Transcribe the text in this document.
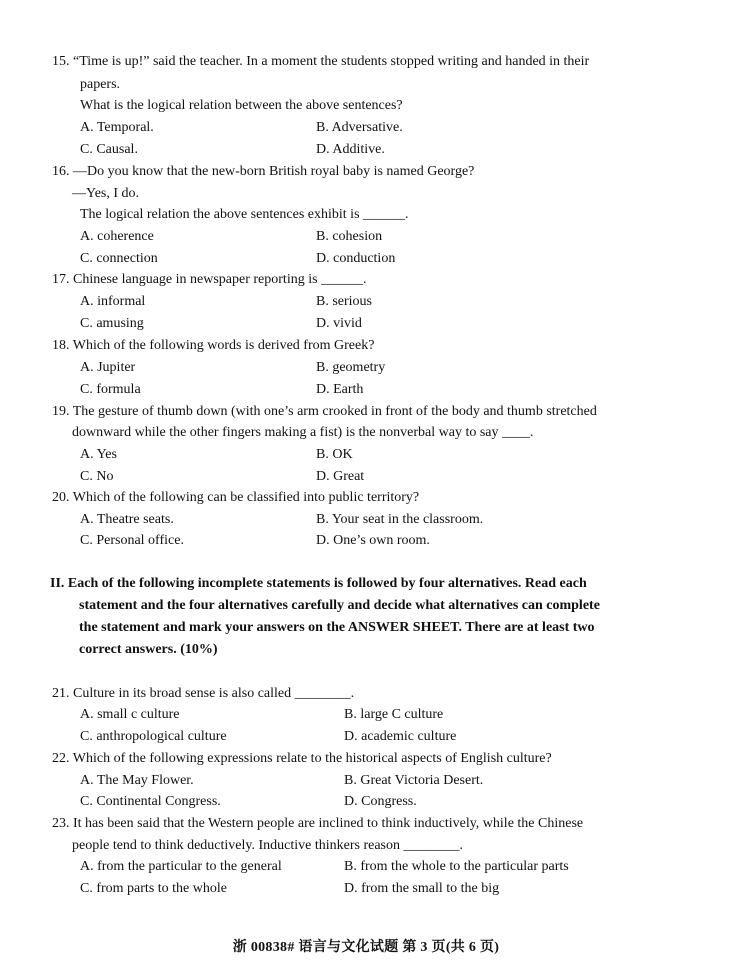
15. “Time is up!” said the teacher. In a moment the students stopped writing and handed in their
papers.
What is the logical relation between the above sentences?
A. Temporal.	B. Adversative.
C. Causal.	D. Additive.
16. —Do you know that the new-born British royal baby is named George?
—Yes, I do.
The logical relation the above sentences exhibit is ______.
A. coherence	B. cohesion
C. connection	D. conduction
17. Chinese language in newspaper reporting is ______.
A. informal	B. serious
C. amusing	D. vivid
18. Which of the following words is derived from Greek?
A. Jupiter	B. geometry
C. formula	D. Earth
19. The gesture of thumb down (with one’s arm crooked in front of the body and thumb stretched
downward while the other fingers making a fist) is the nonverbal way to say ____.
A. Yes	B. OK
C. No	D. Great
20. Which of the following can be classified into public territory?
A. Theatre seats.	B. Your seat in the classroom.
C. Personal office.	D. One’s own room.
II. Each of the following incomplete statements is followed by four alternatives. Read each
statement and the four alternatives carefully and decide what alternatives can complete
the statement and mark your answers on the ANSWER SHEET. There are at least two
correct answers. (10%)
21. Culture in its broad sense is also called ________.
A. small c culture	B. large C culture
C. anthropological culture	D. academic culture
22. Which of the following expressions relate to the historical aspects of English culture?
A. The May Flower.	B. Great Victoria Desert.
C. Continental Congress.	D. Congress.
23. It has been said that the Western people are inclined to think inductively, while the Chinese
people tend to think deductively. Inductive thinkers reason ________.
A. from the particular to the general	B. from the whole to the particular parts
C. from parts to the whole	D. from the small to the big
浙 00838# 语言与文化试题 第 3 页(共 6 页)
